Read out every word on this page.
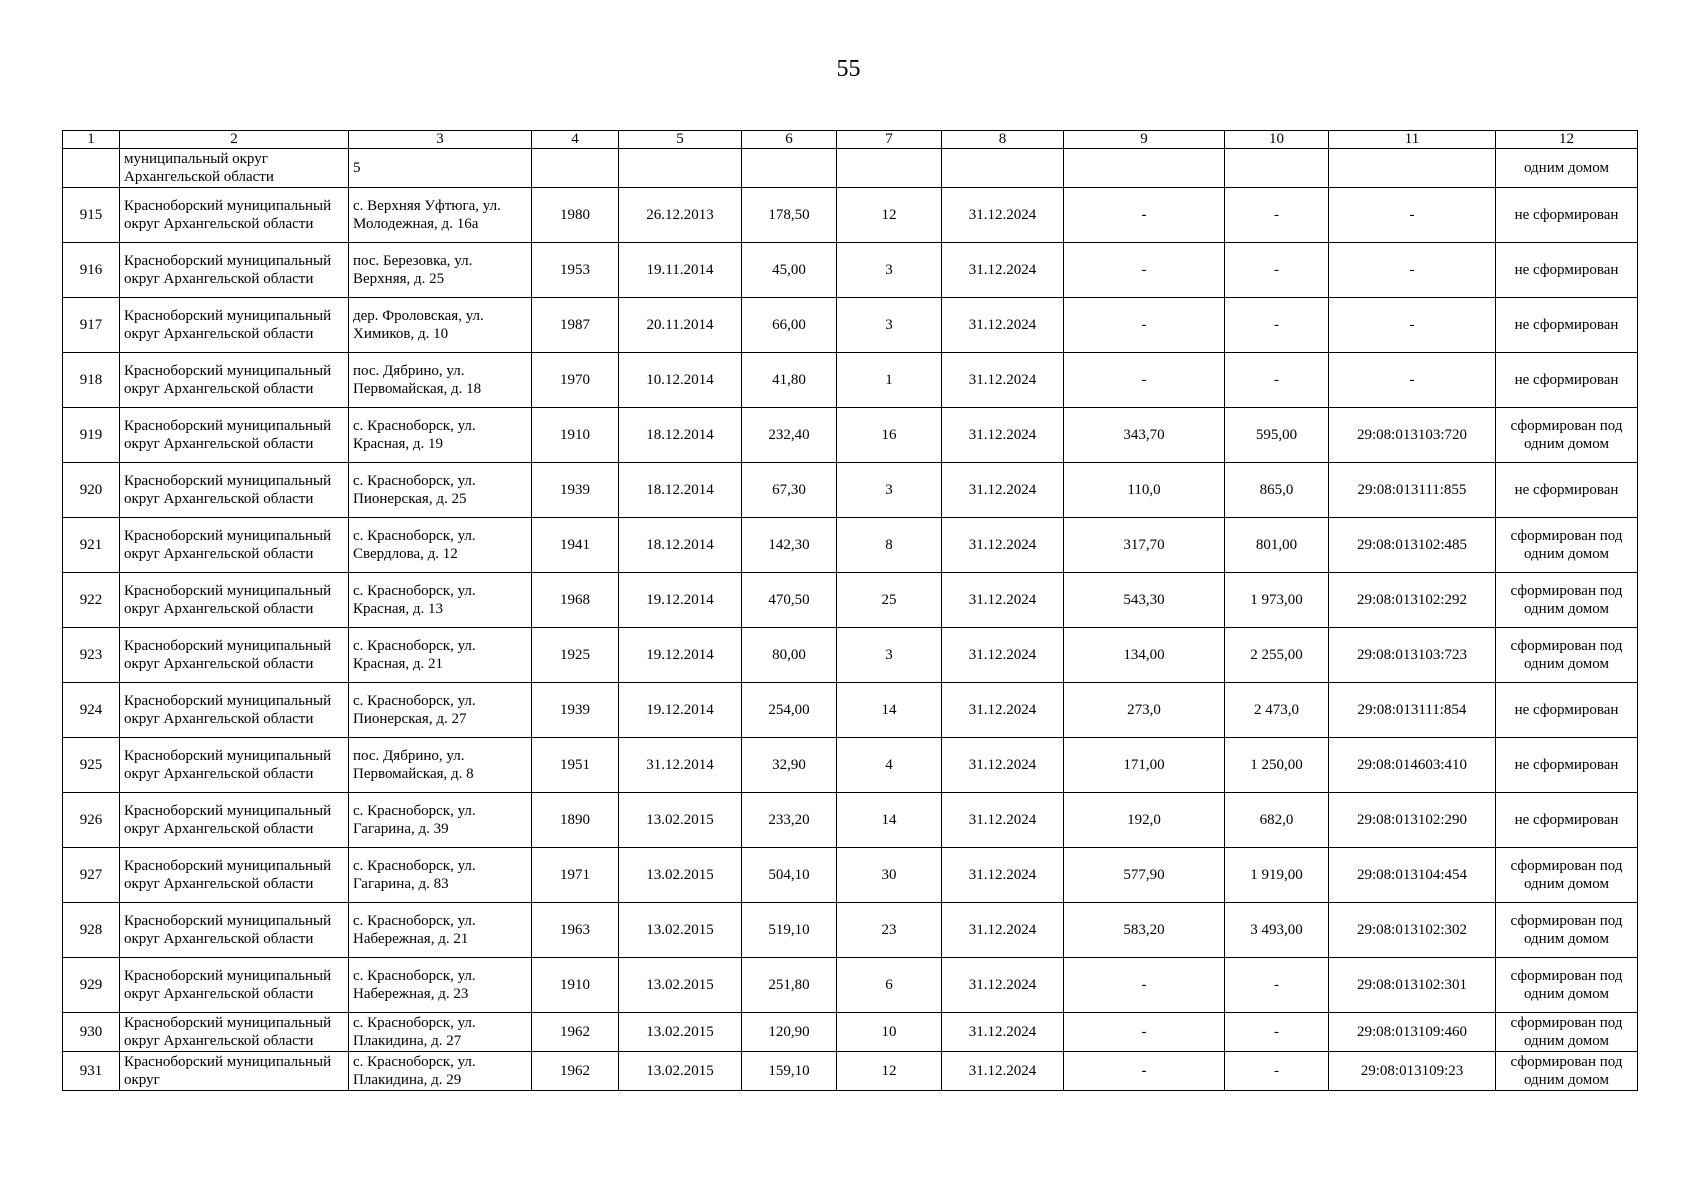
55
1	2	3	4	5	6	7	8	9	10	11	12
	муниципальный округ Архангельской области	5									одним домом
915	Красноборский муниципальный округ Архангельской области	с. Верхняя Уфтюга, ул. Молодежная, д. 16а	1980	26.12.2013	178,50	12	31.12.2024	-	-	-	не сформирован
916	Красноборский муниципальный округ Архангельской области	пос. Березовка, ул. Верхняя, д. 25	1953	19.11.2014	45,00	3	31.12.2024	-	-	-	не сформирован
917	Красноборский муниципальный округ Архангельской области	дер. Фроловская, ул. Химиков, д. 10	1987	20.11.2014	66,00	3	31.12.2024	-	-	-	не сформирован
918	Красноборский муниципальный округ Архангельской области	пос. Дябрино, ул. Первомайская, д. 18	1970	10.12.2014	41,80	1	31.12.2024	-	-	-	не сформирован
919	Красноборский муниципальный округ Архангельской области	с. Красноборск, ул. Красная, д. 19	1910	18.12.2014	232,40	16	31.12.2024	343,70	595,00	29:08:013103:720	сформирован под одним домом
920	Красноборский муниципальный округ Архангельской области	с. Красноборск, ул. Пионерская, д. 25	1939	18.12.2014	67,30	3	31.12.2024	110,0	865,0	29:08:013111:855	не сформирован
921	Красноборский муниципальный округ Архангельской области	с. Красноборск, ул. Свердлова, д. 12	1941	18.12.2014	142,30	8	31.12.2024	317,70	801,00	29:08:013102:485	сформирован под одним домом
922	Красноборский муниципальный округ Архангельской области	с. Красноборск, ул. Красная, д. 13	1968	19.12.2014	470,50	25	31.12.2024	543,30	1 973,00	29:08:013102:292	сформирован под одним домом
923	Красноборский муниципальный округ Архангельской области	с. Красноборск, ул. Красная, д. 21	1925	19.12.2014	80,00	3	31.12.2024	134,00	2 255,00	29:08:013103:723	сформирован под одним домом
924	Красноборский муниципальный округ Архангельской области	с. Красноборск, ул. Пионерская, д. 27	1939	19.12.2014	254,00	14	31.12.2024	273,0	2 473,0	29:08:013111:854	не сформирован
925	Красноборский муниципальный округ Архангельской области	пос. Дябрино, ул. Первомайская, д. 8	1951	31.12.2014	32,90	4	31.12.2024	171,00	1 250,00	29:08:014603:410	не сформирован
926	Красноборский муниципальный округ Архангельской области	с. Красноборск, ул. Гагарина, д. 39	1890	13.02.2015	233,20	14	31.12.2024	192,0	682,0	29:08:013102:290	не сформирован
927	Красноборский муниципальный округ Архангельской области	с. Красноборск, ул. Гагарина, д. 83	1971	13.02.2015	504,10	30	31.12.2024	577,90	1 919,00	29:08:013104:454	сформирован под одним домом
928	Красноборский муниципальный округ Архангельской области	с. Красноборск, ул. Набережная, д. 21	1963	13.02.2015	519,10	23	31.12.2024	583,20	3 493,00	29:08:013102:302	сформирован под одним домом
929	Красноборский муниципальный округ Архангельской области	с. Красноборск, ул. Набережная, д. 23	1910	13.02.2015	251,80	6	31.12.2024	-	-	29:08:013102:301	сформирован под одним домом
930	Красноборский муниципальный округ Архангельской области	с. Красноборск, ул. Плакидина, д. 27	1962	13.02.2015	120,90	10	31.12.2024	-	-	29:08:013109:460	сформирован под одним домом
931	Красноборский муниципальный округ	с. Красноборск, ул. Плакидина, д. 29	1962	13.02.2015	159,10	12	31.12.2024	-	-	29:08:013109:23	сформирован под одним домом
